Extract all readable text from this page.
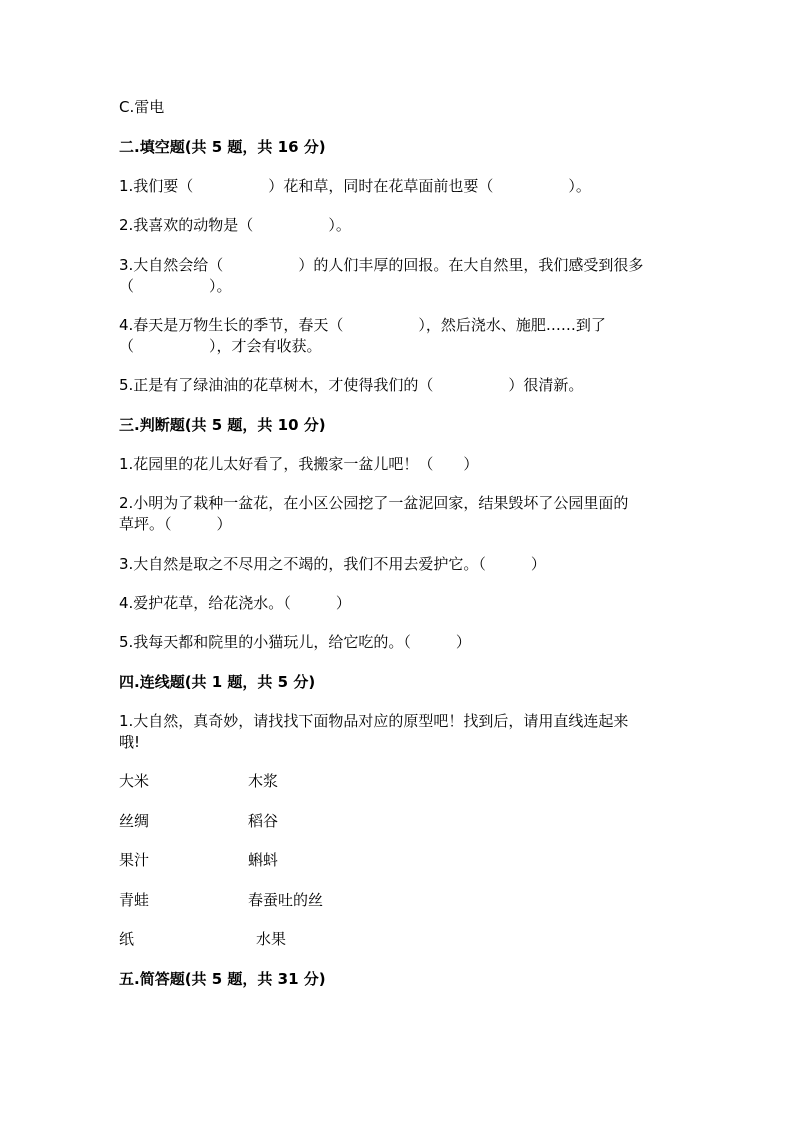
C.雷电
二.填空题(共 5 题，共 16 分)
1.我们要（　　　　　）花和草，同时在花草面前也要（　　　　　）。
2.我喜欢的动物是（　　　　　）。
3.大自然会给（　　　　　）的人们丰厚的回报。在大自然里，我们感受到很多
（　　　　　）。
4.春天是万物生长的季节，春天（　　　　　），然后浇水、施肥……到了
（　　　　　），才会有收获。
5.正是有了绿油油的花草树木，才使得我们的（　　　　　）很清新。
三.判断题(共 5 题，共 10 分)
1.花园里的花儿太好看了，我搬家一盆儿吧！（　　）
2.小明为了栽种一盆花，在小区公园挖了一盆泥回家，结果毁坏了公园里面的
草坪。（　　　）
3.大自然是取之不尽用之不竭的，我们不用去爱护它。（　　　）
4.爱护花草，给花浇水。（　　　）
5.我每天都和院里的小猫玩儿，给它吃的。（　　　）
四.连线题(共 1 题，共 5 分)
1.大自然，真奇妙，请找找下面物品对应的原型吧！找到后，请用直线连起来
哦!
大米	木浆
丝绸	稻谷
果汁	蝌蚪
青蛙	春蚕吐的丝
纸	水果
五.简答题(共 5 题，共 31 分)
